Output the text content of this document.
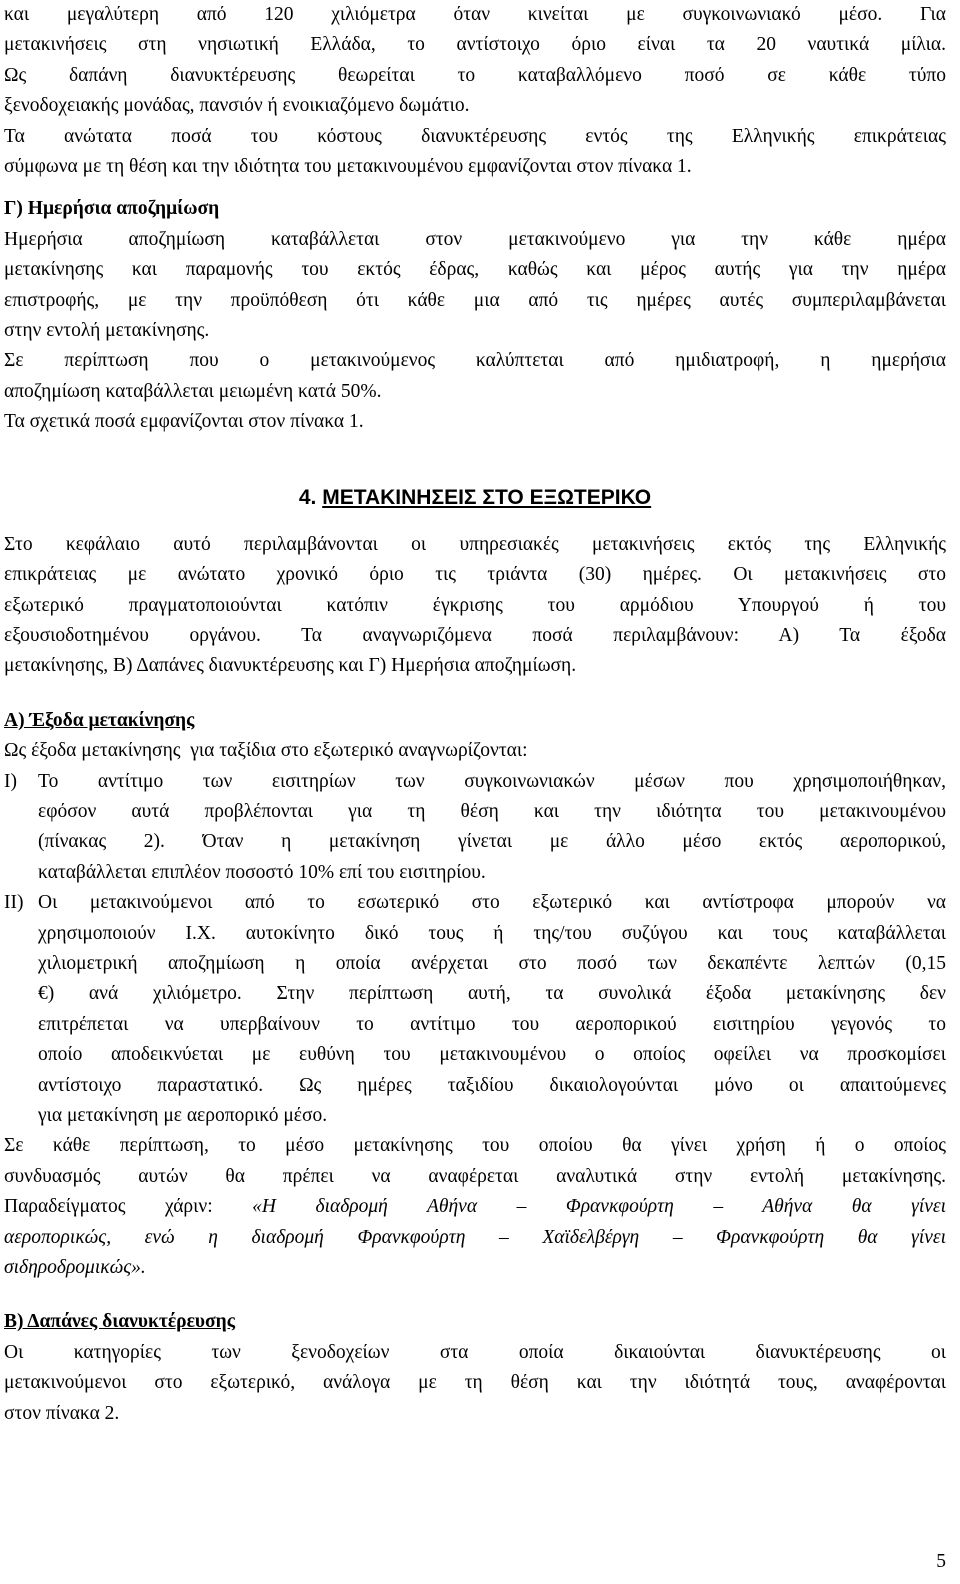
και μεγαλύτερη από 120 χιλιόμετρα όταν κινείται με συγκοινωνιακό μέσο. Για
μετακινήσεις στη νησιωτική Ελλάδα, το αντίστοιχο όριο είναι τα 20 ναυτικά μίλια.
Ως δαπάνη διανυκτέρευσης θεωρείται το καταβαλλόμενο ποσό σε κάθε τύπο
ξενοδοχειακής μονάδας, πανσιόν ή ενοικιαζόμενο δωμάτιο.
Τα ανώτατα ποσά του κόστους διανυκτέρευσης εντός της Ελληνικής επικράτειας
σύμφωνα με τη θέση και την ιδιότητα του μετακινουμένου εμφανίζονται στον πίνακα 1.
Γ) Ημερήσια αποζημίωση
Ημερήσια αποζημίωση καταβάλλεται στον μετακινούμενο για την κάθε ημέρα
μετακίνησης και παραμονής του εκτός έδρας, καθώς και μέρος αυτής για την ημέρα
επιστροφής, με την προϋπόθεση ότι κάθε μια από τις ημέρες αυτές συμπεριλαμβάνεται
στην εντολή μετακίνησης.
Σε περίπτωση που ο μετακινούμενος καλύπτεται από ημιδιατροφή, η ημερήσια
αποζημίωση καταβάλλεται μειωμένη κατά 50%.
Τα σχετικά ποσά εμφανίζονται στον πίνακα 1.
4. ΜΕΤΑΚΙΝΗΣΕΙΣ ΣΤΟ ΕΞΩΤΕΡΙΚΟ
Στο κεφάλαιο αυτό περιλαμβάνονται οι υπηρεσιακές μετακινήσεις εκτός της Ελληνικής
επικράτειας με ανώτατο χρονικό όριο τις τριάντα (30) ημέρες. Οι μετακινήσεις στο
εξωτερικό πραγματοποιούνται κατόπιν έγκρισης του αρμόδιου Υπουργού ή του
εξουσιοδοτημένου οργάνου. Τα αναγνωριζόμενα ποσά περιλαμβάνουν: Α) Τα έξοδα
μετακίνησης, Β) Δαπάνες διανυκτέρευσης και Γ) Ημερήσια αποζημίωση.
Α) Έξοδα μετακίνησης
Ως έξοδα μετακίνησης  για ταξίδια στο εξωτερικό αναγνωρίζονται:
Ι) Το αντίτιμο των εισιτηρίων των συγκοινωνιακών μέσων που χρησιμοποιήθηκαν,
εφόσον αυτά προβλέπονται για τη θέση και την ιδιότητα του μετακινουμένου
(πίνακας 2). Όταν η μετακίνηση γίνεται με άλλο μέσο εκτός αεροπορικού,
καταβάλλεται επιπλέον ποσοστό 10% επί του εισιτηρίου.
ΙΙ) Οι μετακινούμενοι από το εσωτερικό στο εξωτερικό και αντίστροφα μπορούν να
χρησιμοποιούν Ι.Χ. αυτοκίνητο δικό τους ή της/του συζύγου και τους καταβάλλεται
χιλιομετρική αποζημίωση η οποία ανέρχεται στο ποσό των δεκαπέντε λεπτών (0,15
€) ανά χιλιόμετρο. Στην περίπτωση αυτή, τα συνολικά έξοδα μετακίνησης δεν
επιτρέπεται να υπερβαίνουν το αντίτιμο του αεροπορικού εισιτηρίου γεγονός το
οποίο αποδεικνύεται με ευθύνη του μετακινουμένου ο οποίος οφείλει να προσκομίσει
αντίστοιχο παραστατικό. Ως ημέρες ταξιδίου δικαιολογούνται μόνο οι απαιτούμενες
για μετακίνηση με αεροπορικό μέσο.
Σε κάθε περίπτωση, το μέσο μετακίνησης του οποίου θα γίνει χρήση ή ο οποίος
συνδυασμός αυτών θα πρέπει να αναφέρεται αναλυτικά στην εντολή μετακίνησης.
Παραδείγματος χάριν: «Η διαδρομή Αθήνα – Φρανκφούρτη – Αθήνα θα γίνει
αεροπορικώς, ενώ η διαδρομή Φρανκφούρτη – Χαϊδελβέργη – Φρανκφούρτη θα γίνει
σιδηροδρομικώς».
Β) Δαπάνες διανυκτέρευσης
Οι κατηγορίες των ξενοδοχείων στα οποία δικαιούνται διανυκτέρευσης οι
μετακινούμενοι στο εξωτερικό, ανάλογα με τη θέση και την ιδιότητά τους, αναφέρονται
στον πίνακα 2.
5
